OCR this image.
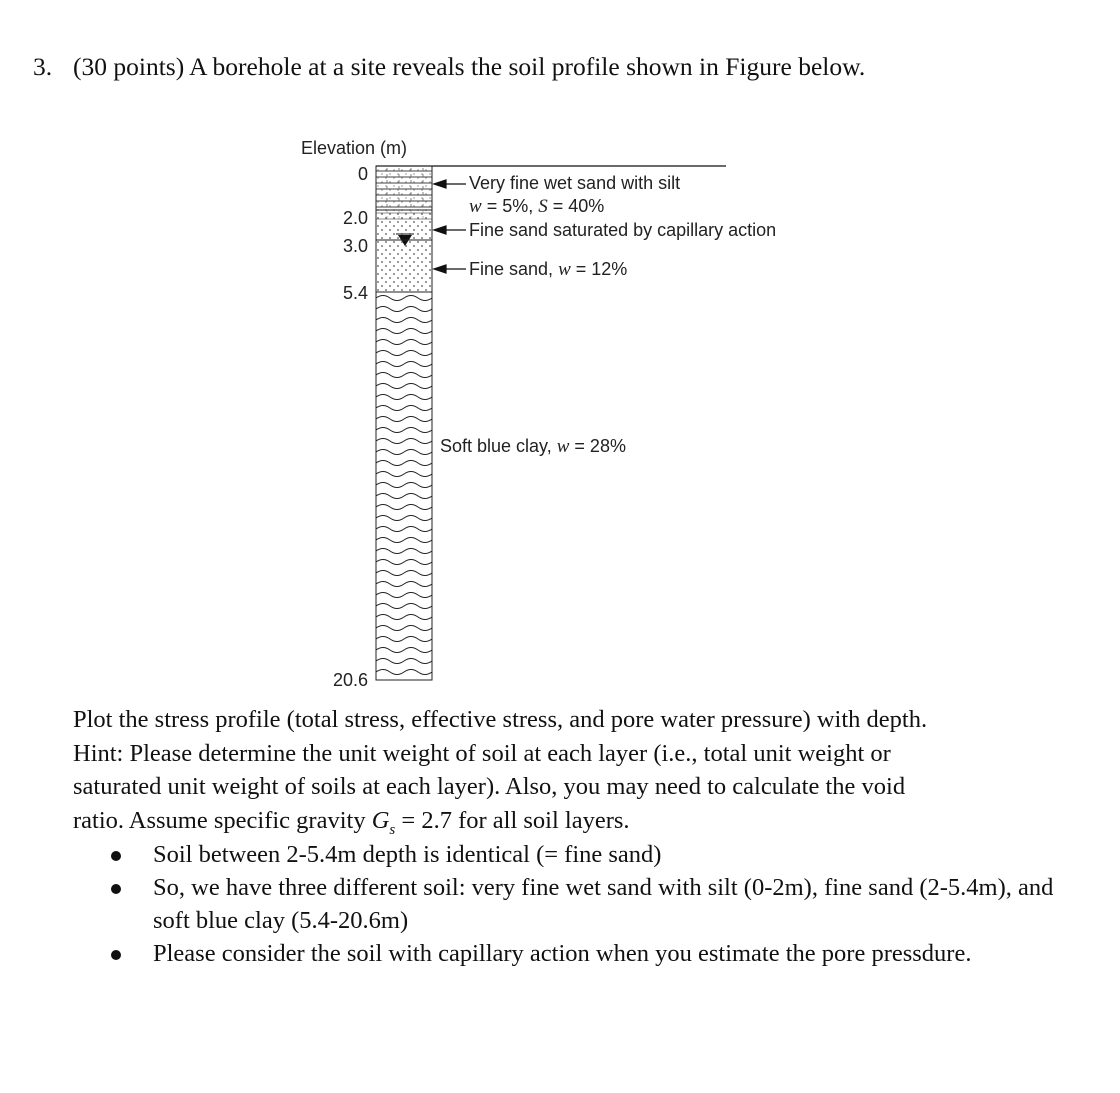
3. (30 points) A borehole at a site reveals the soil profile shown in Figure below.
Elevation (m)
0
2.0
3.0
5.4
20.6
Very fine wet sand with silt
w = 5%, S = 40%
Fine sand saturated by capillary action
Fine sand, w = 12%
Soft blue clay, w = 28%

Plot the stress profile (total stress, effective stress, and pore water pressure) with depth.

Hint: Please determine the unit weight of soil at each layer (i.e., total unit weight or

saturated unit weight of soils at each layer). Also, you may need to calculate the void

ratio. Assume specific gravity $G_s = 2.7$ for all soil layers.

Soil between 2-5.4m depth is identical (= fine sand)
So, we have three different soil: very fine wet sand with silt (0-2m), fine sand (2-5.4m), and soft blue clay (5.4-20.6m)
Please consider the soil with capillary action when you estimate the pore pressdure.
